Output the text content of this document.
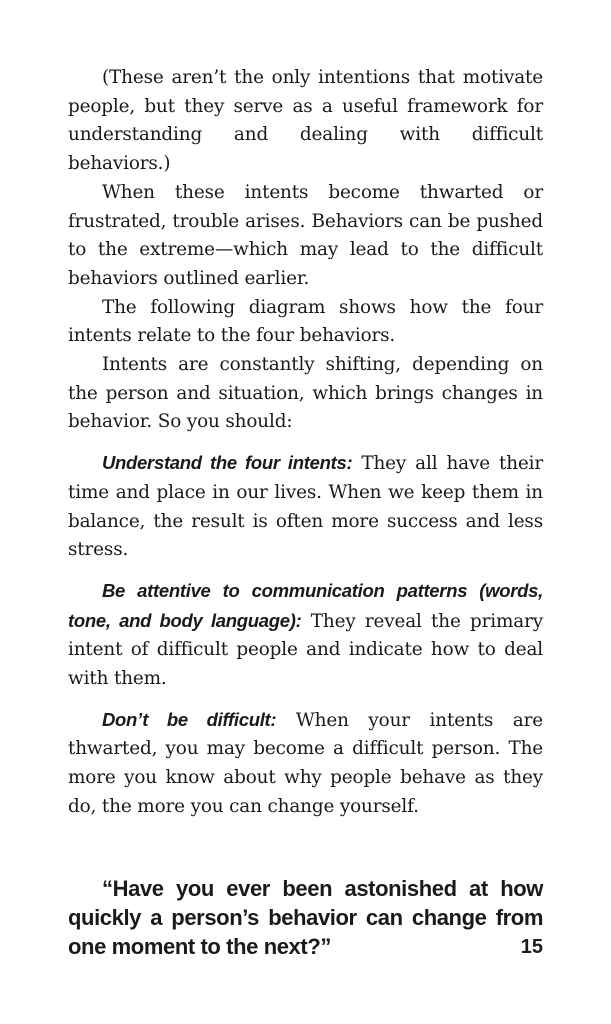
(These aren’t the only intentions that motivate people, but they serve as a useful framework for understanding and dealing with difficult behaviors.)

When these intents become thwarted or frustrated, trouble arises. Behaviors can be pushed to the extreme—which may lead to the difficult behaviors outlined earlier.

The following diagram shows how the four intents relate to the four behaviors.

Intents are constantly shifting, depending on the person and situation, which brings changes in behavior. So you should:

Understand the four intents: They all have their time and place in our lives. When we keep them in balance, the result is often more success and less stress.

Be attentive to communication patterns (words, tone, and body language): They reveal the primary intent of difficult people and indicate how to deal with them.

Don’t be difficult: When your intents are thwarted, you may become a difficult person. The more you know about why people behave as they do, the more you can change yourself.

“Have you ever been astonished at how quickly a person’s behavior can change from one moment to the next?”	15
